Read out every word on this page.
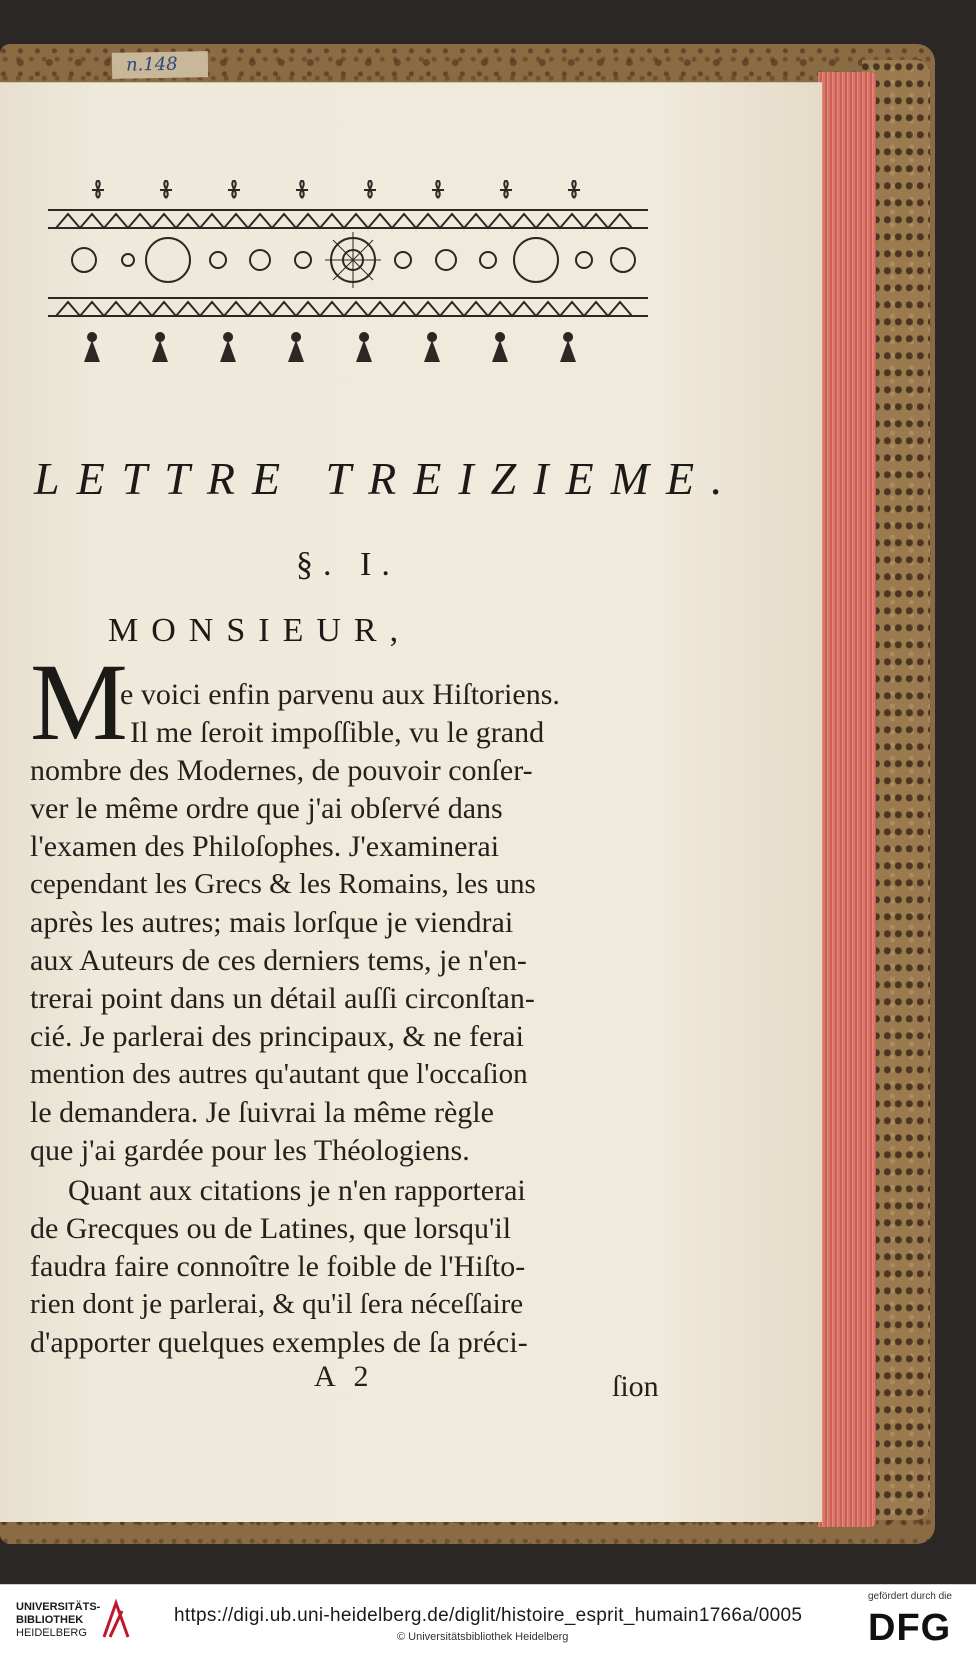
n.148
LETTRE TREIZIEME.
§. I.
MONSIEUR,
M
e voici enfin parvenu aux Hiſtoriens.
Il me ſeroit impoſſible, vu le grand
nombre des Modernes, de pouvoir conſer-
ver le même ordre que j'ai obſervé dans
l'examen des Philoſophes. J'examinerai
cependant les Grecs & les Romains, les uns
après les autres; mais lorſque je viendrai
aux Auteurs de ces derniers tems, je n'en-
trerai point dans un détail auſſi circonſtan-
cié. Je parlerai des principaux, & ne ferai
mention des autres qu'autant que l'occaſion
le demandera. Je ſuivrai la même règle
que j'ai gardée pour les Théologiens.
Quant aux citations je n'en rapporterai
de Grecques ou de Latines, que lorsqu'il
faudra faire connoître le foible de l'Hiſto-
rien dont je parlerai, & qu'il ſera néceſſaire
d'apporter quelques exemples de ſa préci-
A 2	ſion
UNIVERSITÄTS-
BIBLIOTHEK
HEIDELBERG
https://digi.ub.uni-heidelberg.de/diglit/histoire_esprit_humain1766a/0005
© Universitätsbibliothek Heidelberg
gefördert durch die
DFG
